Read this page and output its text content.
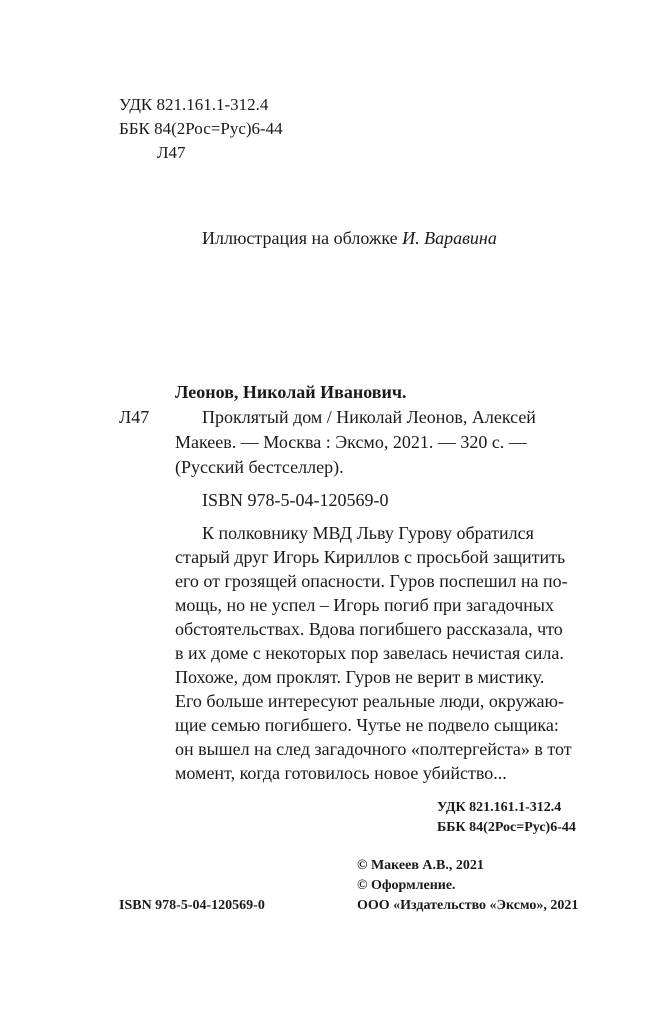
УДК 821.161.1-312.4
ББК 84(2Рос=Рус)6-44
Л47
Иллюстрация на обложке И. Варавина
Леонов, Николай Иванович.
Л47	Проклятый дом / Николай Леонов, Алексей
Макеев. — Москва : Эксмо, 2021. — 320 с. —
(Русский бестселлер).
ISBN 978-5-04-120569-0
К полковнику МВД Льву Гурову обратился
старый друг Игорь Кириллов с просьбой защитить
его от грозящей опасности. Гуров поспешил на по-
мощь, но не успел – Игорь погиб при загадочных
обстоятельствах. Вдова погибшего рассказала, что
в их доме с некоторых пор завелась нечистая сила.
Похоже, дом проклят. Гуров не верит в мистику.
Его больше интересуют реальные люди, окружаю-
щие семью погибшего. Чутье не подвело сыщика:
он вышел на след загадочного «полтергейста» в тот
момент, когда готовилось новое убийство...
УДК 821.161.1-312.4
ББК 84(2Рос=Рус)6-44
© Макеев А.В., 2021
© Оформление.
ООО «Издательство «Эксмо», 2021
ISBN 978-5-04-120569-0
